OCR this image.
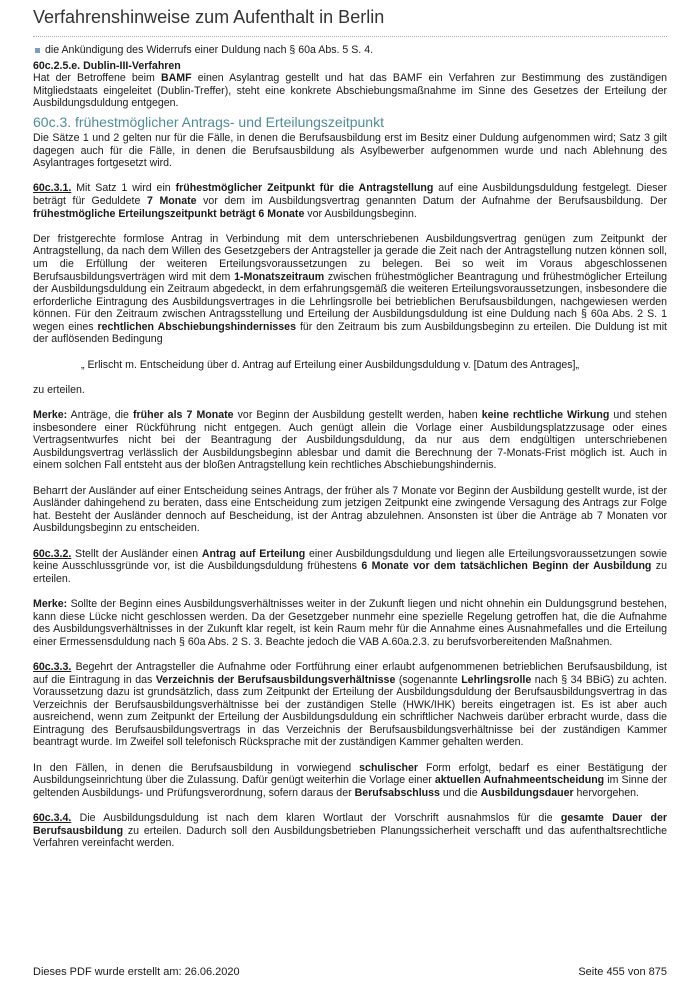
Verfahrenshinweise zum Aufenthalt in Berlin

die Ankündigung des Widerrufs einer Duldung nach § 60a Abs. 5 S. 4.

60c.2.5.e. Dublin-III-Verfahren

Hat der Betroffene beim BAMF einen Asylantrag gestellt und hat das BAMF ein Verfahren zur Bestimmung des zuständigen Mitgliedstaats eingeleitet (Dublin-Treffer), steht eine konkrete Abschiebungsmaßnahme im Sinne des Gesetzes der Erteilung der Ausbildungsduldung entgegen.

60c.3. frühestmöglicher Antrags- und Erteilungszeitpunkt

Die Sätze 1 und 2 gelten nur für die Fälle, in denen die Berufsausbildung erst im Besitz einer Duldung aufgenommen wird; Satz 3 gilt dagegen auch für die Fälle, in denen die Berufsausbildung als Asylbewerber aufgenommen wurde und nach Ablehnung des Asylantrages fortgesetzt wird.

60c.3.1. Mit Satz 1 wird ein frühestmöglicher Zeitpunkt für die Antragstellung auf eine Ausbildungsduldung festgelegt. Dieser beträgt für Geduldete 7 Monate vor dem im Ausbildungsvertrag genannten Datum der Aufnahme der Berufsausbildung. Der frühestmögliche Erteilungszeitpunkt beträgt 6 Monate vor Ausbildungsbeginn.

Der fristgerechte formlose Antrag in Verbindung mit dem unterschriebenen Ausbildungsvertrag genügen zum Zeitpunkt der Antragstellung, da nach dem Willen des Gesetzgebers der Antragsteller ja gerade die Zeit nach der Antragstellung nutzen können soll, um die Erfüllung der weiteren Erteilungsvoraussetzungen zu belegen. Bei so weit im Voraus abgeschlossenen Berufsausbildungsverträgen wird mit dem 1-Monatszeitraum zwischen frühestmöglicher Beantragung und frühestmöglicher Erteilung der Ausbildungsduldung ein Zeitraum abgedeckt, in dem erfahrungsgemäß die weiteren Erteilungsvoraussetzungen, insbesondere die erforderliche Eintragung des Ausbildungsvertrages in die Lehrlingsrolle bei betrieblichen Berufsausbildungen, nachgewiesen werden können. Für den Zeitraum zwischen Antragsstellung und Erteilung der Ausbildungsduldung ist eine Duldung nach § 60a Abs. 2 S. 1 wegen eines rechtlichen Abschiebungshindernisses für den Zeitraum bis zum Ausbildungsbeginn zu erteilen. Die Duldung ist mit der auflösenden Bedingung

„ Erlischt m. Entscheidung über d. Antrag auf Erteilung einer Ausbildungsduldung v. [Datum des Antrages]„

zu erteilen.

Merke: Anträge, die früher als 7 Monate vor Beginn der Ausbildung gestellt werden, haben keine rechtliche Wirkung und stehen insbesondere einer Rückführung nicht entgegen. Auch genügt allein die Vorlage einer Ausbildungsplatzzusage oder eines Vertragsentwurfes nicht bei der Beantragung der Ausbildungsduldung, da nur aus dem endgültigen unterschriebenen Ausbildungsvertrag verlässlich der Ausbildungsbeginn ablesbar und damit die Berechnung der 7-Monats-Frist möglich ist. Auch in einem solchen Fall entsteht aus der bloßen Antragstellung kein rechtliches Abschiebungshindernis.

Beharrt der Ausländer auf einer Entscheidung seines Antrags, der früher als 7 Monate vor Beginn der Ausbildung gestellt wurde, ist der Ausländer dahingehend zu beraten, dass eine Entscheidung zum jetzigen Zeitpunkt eine zwingende Versagung des Antrags zur Folge hat. Besteht der Ausländer dennoch auf Bescheidung, ist der Antrag abzulehnen. Ansonsten ist über die Anträge ab 7 Monaten vor Ausbildungsbeginn zu entscheiden.

60c.3.2. Stellt der Ausländer einen Antrag auf Erteilung einer Ausbildungsduldung und liegen alle Erteilungsvoraussetzungen sowie keine Ausschlussgründe vor, ist die Ausbildungsduldung frühestens 6 Monate vor dem tatsächlichen Beginn der Ausbildung zu erteilen.

Merke: Sollte der Beginn eines Ausbildungsverhältnisses weiter in der Zukunft liegen und nicht ohnehin ein Duldungsgrund bestehen, kann diese Lücke nicht geschlossen werden. Da der Gesetzgeber nunmehr eine spezielle Regelung getroffen hat, die die Aufnahme des Ausbildungsverhältnisses in der Zukunft klar regelt, ist kein Raum mehr für die Annahme eines Ausnahmefalles und die Erteilung einer Ermessensduldung nach § 60a Abs. 2 S. 3. Beachte jedoch die VAB A.60a.2.3. zu berufsvorbereitenden Maßnahmen.

60c.3.3. Begehrt der Antragsteller die Aufnahme oder Fortführung einer erlaubt aufgenommenen betrieblichen Berufsausbildung, ist auf die Eintragung in das Verzeichnis der Berufsausbildungsverhältnisse (sogenannte Lehrlingsrolle nach § 34 BBiG) zu achten. Voraussetzung dazu ist grundsätzlich, dass zum Zeitpunkt der Erteilung der Ausbildungsduldung der Berufsausbildungsvertrag in das Verzeichnis der Berufsausbildungsverhältnisse bei der zuständigen Stelle (HWK/IHK) bereits eingetragen ist. Es ist aber auch ausreichend, wenn zum Zeitpunkt der Erteilung der Ausbildungsduldung ein schriftlicher Nachweis darüber erbracht wurde, dass die Eintragung des Berufsausbildungsvertrags in das Verzeichnis der Berufsausbildungsverhältnisse bei der zuständigen Kammer beantragt wurde. Im Zweifel soll telefonisch Rücksprache mit der zuständigen Kammer gehalten werden.

In den Fällen, in denen die Berufsausbildung in vorwiegend schulischer Form erfolgt, bedarf es einer Bestätigung der Ausbildungseinrichtung über die Zulassung. Dafür genügt weiterhin die Vorlage einer aktuellen Aufnahmeentscheidung im Sinne der geltenden Ausbildungs- und Prüfungsverordnung, sofern daraus der Berufsabschluss und die Ausbildungsdauer hervorgehen.

60c.3.4. Die Ausbildungsduldung ist nach dem klaren Wortlaut der Vorschrift ausnahmslos für die gesamte Dauer der Berufsausbildung zu erteilen. Dadurch soll den Ausbildungsbetrieben Planungssicherheit verschafft und das aufenthaltsrechtliche Verfahren vereinfacht werden.

Dieses PDF wurde erstellt am: 26.06.2020	Seite 455 von 875
